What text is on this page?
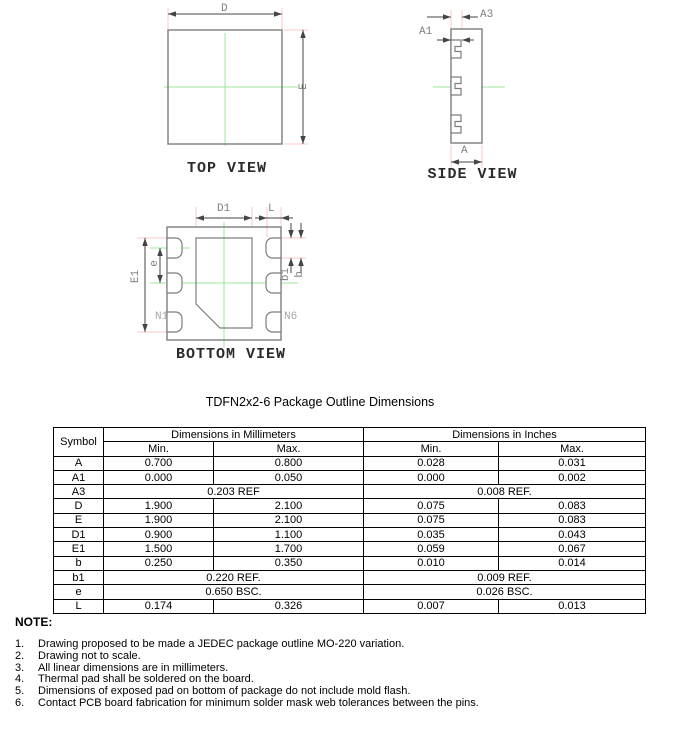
D
E
TOP VIEW
A3
A1
A
SIDE VIEW
D1	L
E1
e
b1 b
N1	N6
BOTTOM VIEW
TDFN2x2-6 Package Outline Dimensions
Symbol	Dimensions in Millimeters		Dimensions in Inches	
	Min.	Max.	Min.	Max.
A	0.700	0.800	0.028	0.031
A1	0.000	0.050	0.000	0.002
A3	0.203 REF		0.008 REF.	
D	1.900	2.100	0.075	0.083
E	1.900	2.100	0.075	0.083
D1	0.900	1.100	0.035	0.043
E1	1.500	1.700	0.059	0.067
b	0.250	0.350	0.010	0.014
b1	0.220 REF.		0.009 REF.	
e	0.650 BSC.		0.026 BSC.	
L	0.174	0.326	0.007	0.013
NOTE:
1.	Drawing proposed to be made a JEDEC package outline MO-220 variation.
2.	Drawing not to scale.
3.	All linear dimensions are in millimeters.
4.	Thermal pad shall be soldered on the board.
5.	Dimensions of exposed pad on bottom of package do not include mold flash.
6.	Contact PCB board fabrication for minimum solder mask web tolerances between the pins.
